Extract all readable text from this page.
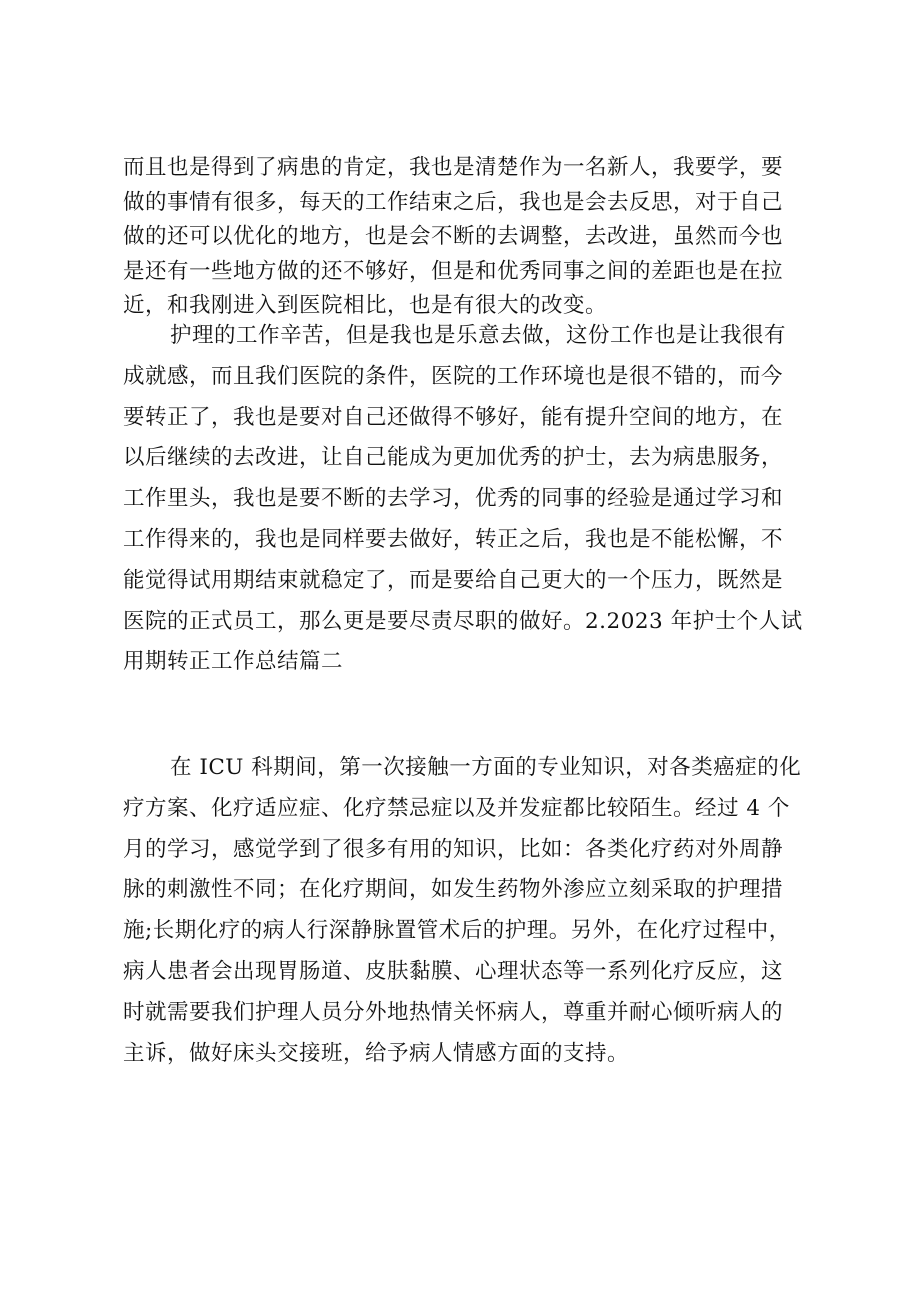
而且也是得到了病患的肯定，我也是清楚作为一名新人，我要学，要
做的事情有很多，每天的工作结束之后，我也是会去反思，对于自己
做的还可以优化的地方，也是会不断的去调整，去改进，虽然而今也
是还有一些地方做的还不够好，但是和优秀同事之间的差距也是在拉
近，和我刚进入到医院相比，也是有很大的改变。
护理的工作辛苦，但是我也是乐意去做，这份工作也是让我很有
成就感，而且我们医院的条件，医院的工作环境也是很不错的，而今
要转正了，我也是要对自己还做得不够好，能有提升空间的地方，在
以后继续的去改进，让自己能成为更加优秀的护士，去为病患服务，
工作里头，我也是要不断的去学习，优秀的同事的经验是通过学习和
工作得来的，我也是同样要去做好，转正之后，我也是不能松懈，不
能觉得试用期结束就稳定了，而是要给自己更大的一个压力，既然是
医院的正式员工，那么更是要尽责尽职的做好。2.2023 年护士个人试
用期转正工作总结篇二
在 ICU 科期间，第一次接触一方面的专业知识，对各类癌症的化
疗方案、化疗适应症、化疗禁忌症以及并发症都比较陌生。经过 4 个
月的学习，感觉学到了很多有用的知识，比如：各类化疗药对外周静
脉的刺激性不同；在化疗期间，如发生药物外渗应立刻采取的护理措
施;长期化疗的病人行深静脉置管术后的护理。另外，在化疗过程中，
病人患者会出现胃肠道、皮肤黏膜、心理状态等一系列化疗反应，这
时就需要我们护理人员分外地热情关怀病人，尊重并耐心倾听病人的
主诉，做好床头交接班，给予病人情感方面的支持。
